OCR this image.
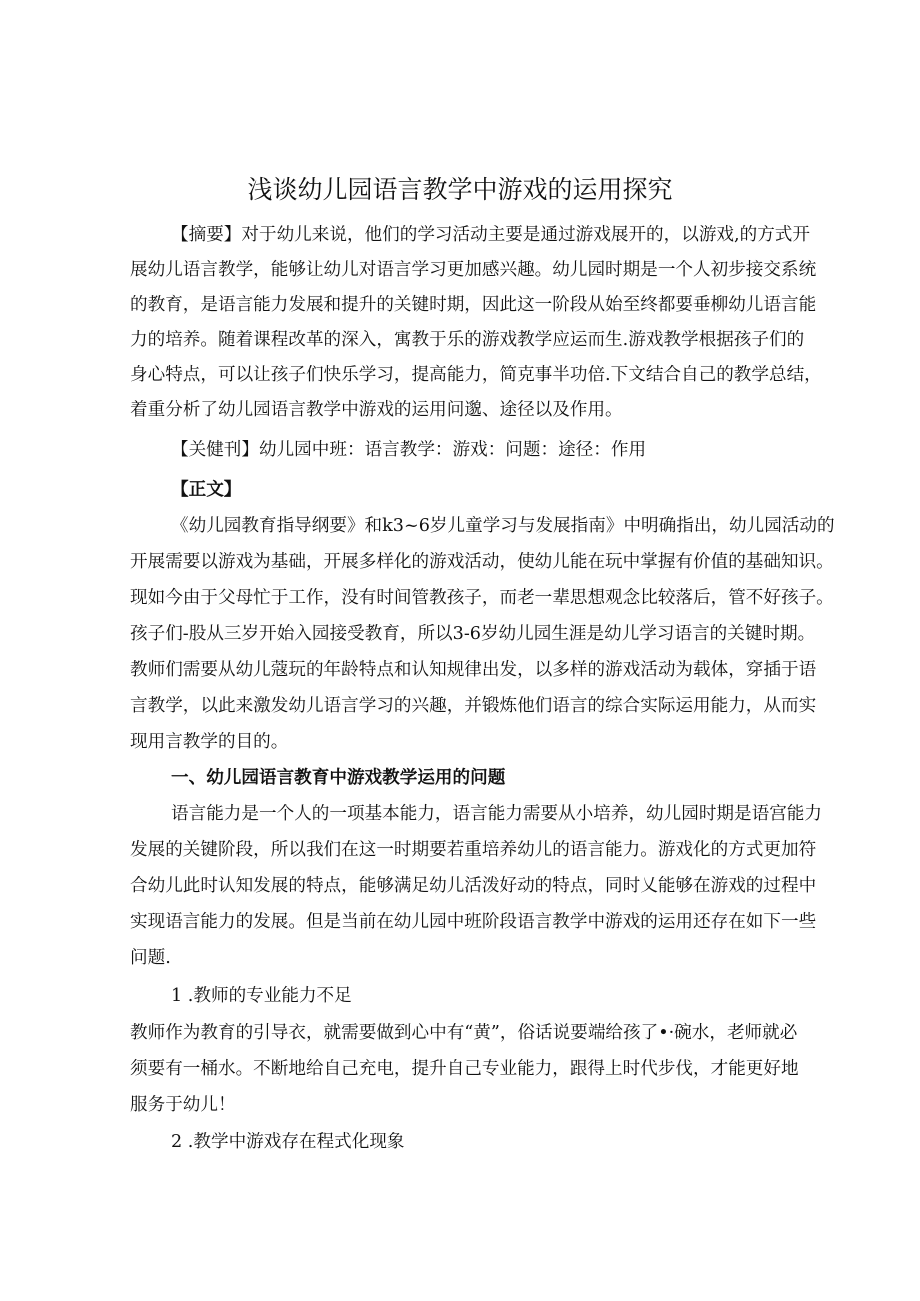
浅谈幼儿园语言教学中游戏的运用探究
【摘要】对于幼儿来说，他们的学习活动主要是通过游戏展开的，以游戏,的方式开
展幼儿语言教学，能够让幼儿对语言学习更加感兴趣。幼儿园时期是一个人初步接交系统
的教育，是语言能力发展和提升的关键时期，因此这一阶段从始至终都要垂柳幼儿语言能
力的培养。随着课程改革的深入，寓教于乐的游戏教学应运而生.游戏教学根据孩子们的
身心特点，可以让孩子们快乐学习，提高能力，简克事半功倍.下文结合自己的教学总结，
着重分析了幼儿园语言教学中游戏的运用问邈、途径以及作用。
【关健刊】幼儿园中班：语言教学：游戏：问题：途径：作用
【正文】
《幼儿园教育指导纲要》和k3~6岁儿童学习与发展指南》中明确指出，幼儿园活动的
开展需要以游戏为基础，开展多样化的游戏活动，使幼儿能在玩中掌握有价值的基础知识。
现如今由于父母忙于工作，没有时间管教孩子，而老一辈思想观念比较落后，管不好孩子。
孩子们-股从三岁开始入园接受教育，所以3-6岁幼儿园生涯是幼儿学习语言的关键时期。
教师们需要从幼儿蔻玩的年龄特点和认知规律出发，以多样的游戏活动为载体，穿插于语
言教学，以此来激发幼儿语言学习的兴趣，并锻炼他们语言的综合实际运用能力，从而实
现用言教学的目的。
一、幼儿园语言教育中游戏教学运用的问题
语言能力是一个人的一项基本能力，语言能力需要从小培养，幼儿园时期是语宫能力
发展的关键阶段，所以我们在这一时期要若重培养幼儿的语言能力。游戏化的方式更加符
合幼儿此时认知发展的特点，能够满足幼儿活泼好动的特点，同时乂能够在游戏的过程中
实现语言能力的发展。但是当前在幼儿园中班阶段语言教学中游戏的运用还存在如下一些
问题.
1 .教师的专业能力不足
教师作为教育的引导衣，就需要做到心中有“黄”，俗话说要端给孩了•·碗水，老师就必
须要有一桶水。不断地给自己充电，提升自己专业能力，跟得上时代步伐，才能更好地
服务于幼儿！
2 .教学中游戏存在程式化现象
